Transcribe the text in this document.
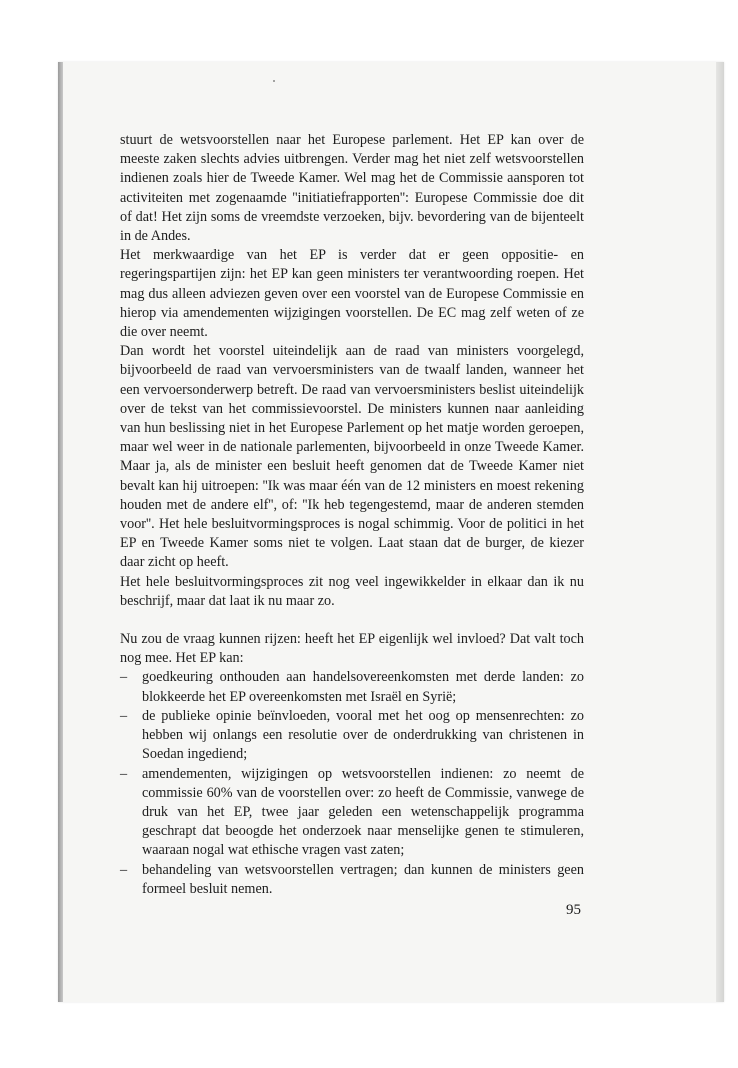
stuurt de wetsvoorstellen naar het Europese parlement. Het EP kan over de meeste zaken slechts advies uitbrengen. Verder mag het niet zelf wetsvoorstellen indienen zoals hier de Tweede Kamer. Wel mag het de Commissie aansporen tot activiteiten met zogenaamde ''initiatiefrapporten'': Europese Commissie doe dit of dat! Het zijn soms de vreemdste verzoeken, bijv. bevordering van de bijenteelt in de Andes.

Het merkwaardige van het EP is verder dat er geen oppositie- en regeringspartijen zijn: het EP kan geen ministers ter verantwoording roepen. Het mag dus alleen adviezen geven over een voorstel van de Europese Commissie en hierop via amendementen wijzigingen voorstellen. De EC mag zelf weten of ze die over neemt.

Dan wordt het voorstel uiteindelijk aan de raad van ministers voorgelegd, bijvoorbeeld de raad van vervoersministers van de twaalf landen, wanneer het een vervoersonderwerp betreft. De raad van vervoersministers beslist uiteindelijk over de tekst van het commissievoorstel. De ministers kunnen naar aanleiding van hun beslissing niet in het Europese Parlement op het matje worden geroepen, maar wel weer in de nationale parlementen, bijvoorbeeld in onze Tweede Kamer. Maar ja, als de minister een besluit heeft genomen dat de Tweede Kamer niet bevalt kan hij uitroepen: ''Ik was maar één van de 12 ministers en moest rekening houden met de andere elf'', of: ''Ik heb tegengestemd, maar de anderen stemden voor''. Het hele besluitvormingsproces is nogal schimmig. Voor de politici in het EP en Tweede Kamer soms niet te volgen. Laat staan dat de burger, de kiezer daar zicht op heeft.

Het hele besluitvormingsproces zit nog veel ingewikkelder in elkaar dan ik nu beschrijf, maar dat laat ik nu maar zo.

Nu zou de vraag kunnen rijzen: heeft het EP eigenlijk wel invloed? Dat valt toch nog mee. Het EP kan:

– goedkeuring onthouden aan handelsovereenkomsten met derde landen: zo blokkeerde het EP overeenkomsten met Israël en Syrië;
– de publieke opinie beïnvloeden, vooral met het oog op mensenrechten: zo hebben wij onlangs een resolutie over de onderdrukking van christenen in Soedan ingediend;
– amendementen, wijzigingen op wetsvoorstellen indienen: zo neemt de commissie 60% van de voorstellen over: zo heeft de Commissie, vanwege de druk van het EP, twee jaar geleden een wetenschappelijk programma geschrapt dat beoogde het onderzoek naar menselijke genen te stimuleren, waaraan nogal wat ethische vragen vast zaten;
– behandeling van wetsvoorstellen vertragen; dan kunnen de ministers geen formeel besluit nemen.
95
